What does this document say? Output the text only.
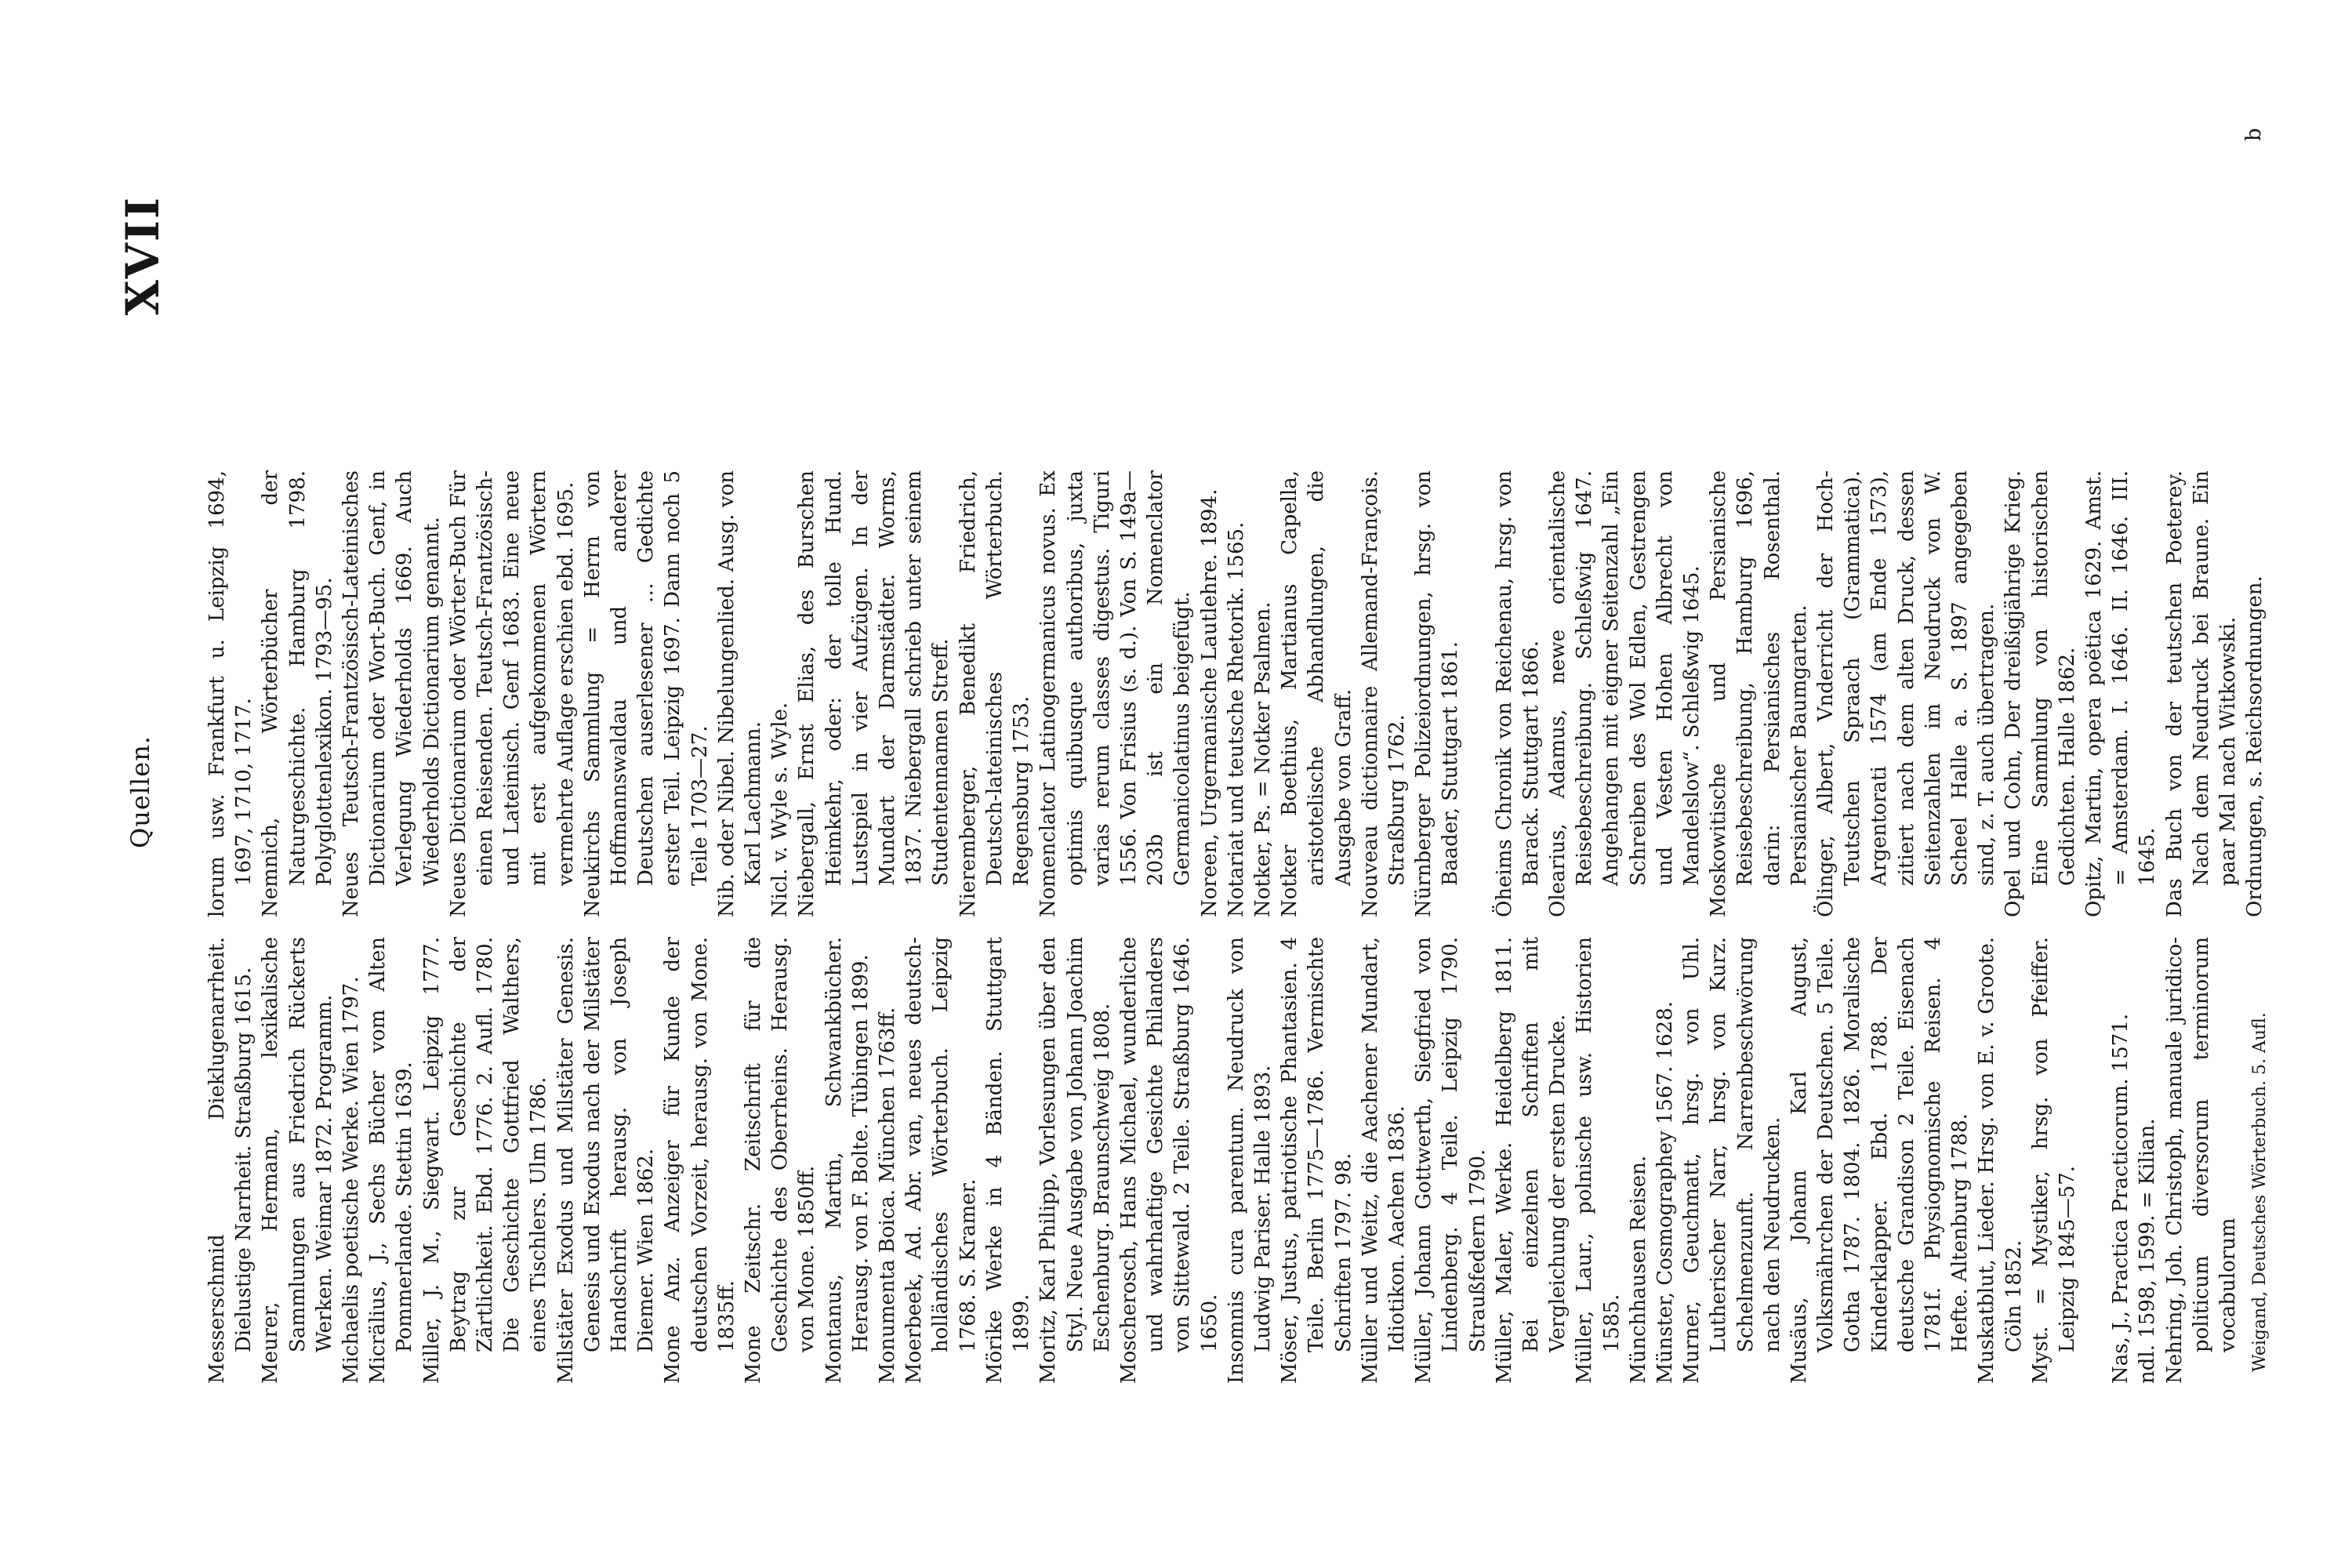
Quellen.
XVII
Messerschmid Dieklugenarrheit. Dielustige Narrheit. Straßburg 1615. Meurer, Hermann, lexikalische Sammlungen aus Friedrich Rückerts Werken. Weimar 1872. Programm. Michaelis poetische Werke. Wien 1797. Micrälius, J., Sechs Bücher vom Alten Pommerlande. Stettin 1639. Miller, J. M., Siegwart. Leipzig 1777. Beytrag zur Geschichte der Zärtlichkeit. Ebd. 1776. 2. Aufl. 1780. Die Geschichte Gottfried Walthers, eines Tischlers. Ulm 1786. Milstäter Exodus und Milstäter Genesis. Genesis und Exodus nach der Milstäter Handschrift herausg. von Joseph Diemer. Wien 1862. Mone Anz. Anzeiger für Kunde der deutschen Vorzeit, herausg. von Mone. 1835ff. Mone Zeitschr. Zeitschrift für die Geschichte des Oberrheins. Herausg. von Mone. 1850ff. Montanus, Martin, Schwankbücher. Herausg. von F. Bolte. Tübingen 1899. Monumenta Boica. München 1763ff. Moerbeek, Ad. Abr. van, neues deutsch-holländisches Wörterbuch. Leipzig 1768. S. Kramer. Mörike Werke in 4 Bänden. Stuttgart 1899. Moritz, Karl Philipp, Vorlesungen über den Styl. Neue Ausgabe von Johann Joachim Eschenburg. Braunschweig 1808. Moscherosch, Hans Michael, wunderliche und wahrhaftige Gesichte Philanders von Sittewald. 2 Teile. Straßburg 1646. 1650. Insomnis cura parentum. Neudruck von Ludwig Pariser. Halle 1893. Möser, Justus, patriotische Phantasien. 4 Teile. Berlin 1775—1786. Vermischte Schriften 1797. 98. Müller und Weitz, die Aachener Mundart, Idiotikon. Aachen 1836. Müller, Johann Gottwerth, Siegfried von Lindenberg. 4 Teile. Leipzig 1790. Straußfedern 1790. Müller, Maler, Werke. Heidelberg 1811. Bei einzelnen Schriften mit Vergleichung der ersten Drucke. Müller, Laur., polnische usw. Historien 1585. Münchhausen Reisen. Münster, Cosmographey 1567. 1628. Murner, Geuchmatt, hrsg. von Uhl. Lutherischer Narr, hrsg. von Kurz. Schelmenzunft. Narrenbeschwörung nach den Neudrucken. Musäus, Johann Karl August, Volksmährchen der Deutschen. 5 Teile. Gotha 1787. 1804. 1826. Moralische Kinderklapper. Ebd. 1788. Der deutsche Grandison 2 Teile. Eisenach 1781f. Physiognomische Reisen. 4 Hefte. Altenburg 1788. Muskatblut, Lieder. Hrsg. von E. v. Groote. Cöln 1852. Myst. = Mystiker, hrsg. von Pfeiffer. Leipzig 1845—57. Nas, J., Practica Practicorum. 1571. ndl. 1598, 1599. = Kilian. Nehring, Joh. Christoph, manuale juridico-politicum diversorum terminorum vocabulorum
lorum usw. Frankfurt u. Leipzig 1694, 1697, 1710, 1717. Nemnich, Wörterbücher der Naturgeschichte. Hamburg 1798. Polyglottenlexikon. 1793—95. Neues Teutsch-Frantzösisch-Lateinisches Dictionarium oder Wort-Buch. Genf, in Verlegung Wiederholds 1669. Auch Wiederholds Dictionarium genannt. Neues Dictionarium oder Wörter-Buch Für einen Reisenden. Teutsch-Frantzösisch- und Lateinisch. Genf 1683. Eine neue mit erst aufgekommenen Wörtern vermehrte Auflage erschien ebd. 1695. Neukirchs Sammlung = Herrn von Hoffmannswaldau und anderer Deutschen auserlesener … Gedichte erster Teil. Leipzig 1697. Dann noch 5 Teile 1703—27. Nib. oder Nibel. Nibelungenlied. Ausg. von Karl Lachmann. Nicl. v. Wyle s. Wyle. Niebergall, Ernst Elias, des Burschen Heimkehr, oder: der tolle Hund. Lustspiel in vier Aufzügen. In der Mundart der Darmstädter. Worms, 1837. Niebergall schrieb unter seinem Studentennamen Streff. Nieremberger, Benedikt Friedrich, Deutsch-lateinisches Wörterbuch. Regensburg 1753. Nomenclator Latinogermanicus novus. Ex optimis quibusque authoribus, juxta varias rerum classes digestus. Tiguri 1556. Von Frisius (s. d.). Von S. 149a—203b ist ein Nomenclator Germanicolatinus beigefügt. Noreen, Urgermanische Lautlehre. 1894. Notariat und teutsche Rhetorik. 1565. Notker, Ps. = Notker Psalmen. Notker Boethius, Martianus Capella, aristotelische Abhandlungen, die Ausgabe von Graff. Nouveau dictionnaire Allemand-François. Straßburg 1762. Nürnberger Polizeiordnungen, hrsg. von Baader, Stuttgart 1861. Öheims Chronik von Reichenau, hrsg. von Barack. Stuttgart 1866. Olearius, Adamus, newe orientalische Reisebeschreibung. Schleßwig 1647. Angehangen mit eigner Seitenzahl „Ein Schreiben des Wol Edlen, Gestrengen und Vesten Hohen Albrecht von Mandelslow“. Schleßwig 1645. Moskowitische und Persianische Reisebeschreibung, Hamburg 1696, darin: Persianisches Rosenthal. Persianischer Baumgarten. Ölinger, Albert, Vnderricht der Hoch-Teutschen Spraach (Grammatica). Argentorati 1574 (am Ende 1573), zitiert nach dem alten Druck, dessen Seitenzahlen im Neudruck von W. Scheel Halle a. S. 1897 angegeben sind, z. T. auch übertragen. Opel und Cohn, Der dreißigjährige Krieg. Eine Sammlung von historischen Gedichten. Halle 1862. Opitz, Martin, opera poëtica 1629. Amst. = Amsterdam. I. 1646. II. 1646. III. 1645. Das Buch von der teutschen Poeterey. Nach dem Neudruck bei Braune. Ein paar Mal nach Witkowski. Ordnungen, s. Reichsordnungen.
Weigand, Deutsches Wörterbuch. 5. Aufl.
b
